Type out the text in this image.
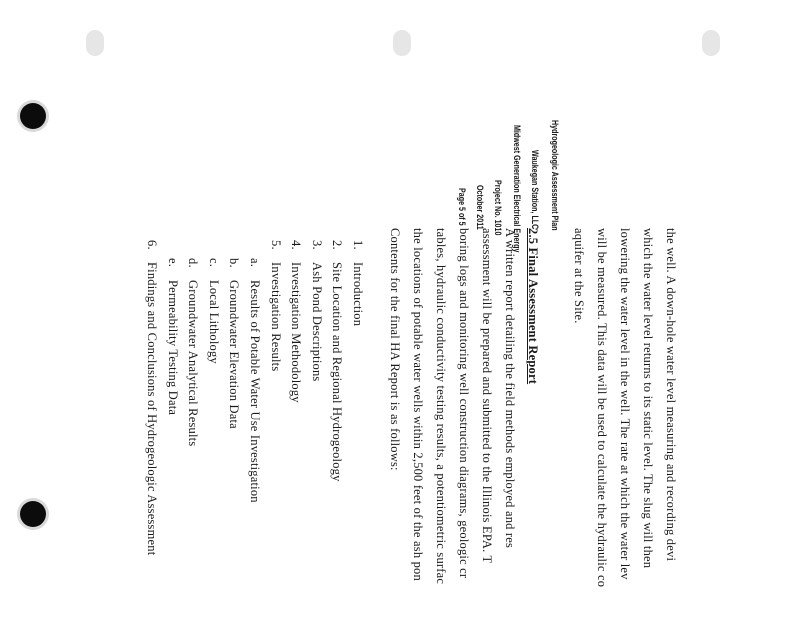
Hydrogeologic Assessment Plan
Waukegan Station, LLC
Midwest Generation Electrical Energy
Project No. 1010
October 2011
Page 5 of 5
the well. A down-hole water level measuring and recording devi
which the water level returns to its static level. The slug will then
lowering the water level in the well. The rate at which the water lev
will be measured. This data will be used to calculate the hydraulic co
aquifer at the Site.
2.5 Final Assessment Report
A written report detailing the field methods employed and res
assessment will be prepared and submitted to the Illinois EPA. T
boring logs and monitoring well construction diagrams, geologic cr
tables, hydraulic conductivity testing results, a potentiometric surfac
the locations of potable water wells within 2,500 feet of the ash pon
Contents for the final HA Report is as follows:
1.Introduction
2.Site Location and Regional Hydrogeology
3.Ash Pond Descriptions
4.Investigation Methodology
5.Investigation Results
a.Results of Potable Water Use Investigation
b.Groundwater Elevation Data
c.Local Lithology
d.Groundwater Analytical Results
e.Permeability Testing Data
6.Findings and Conclusions of Hydrogeologic Assessment
